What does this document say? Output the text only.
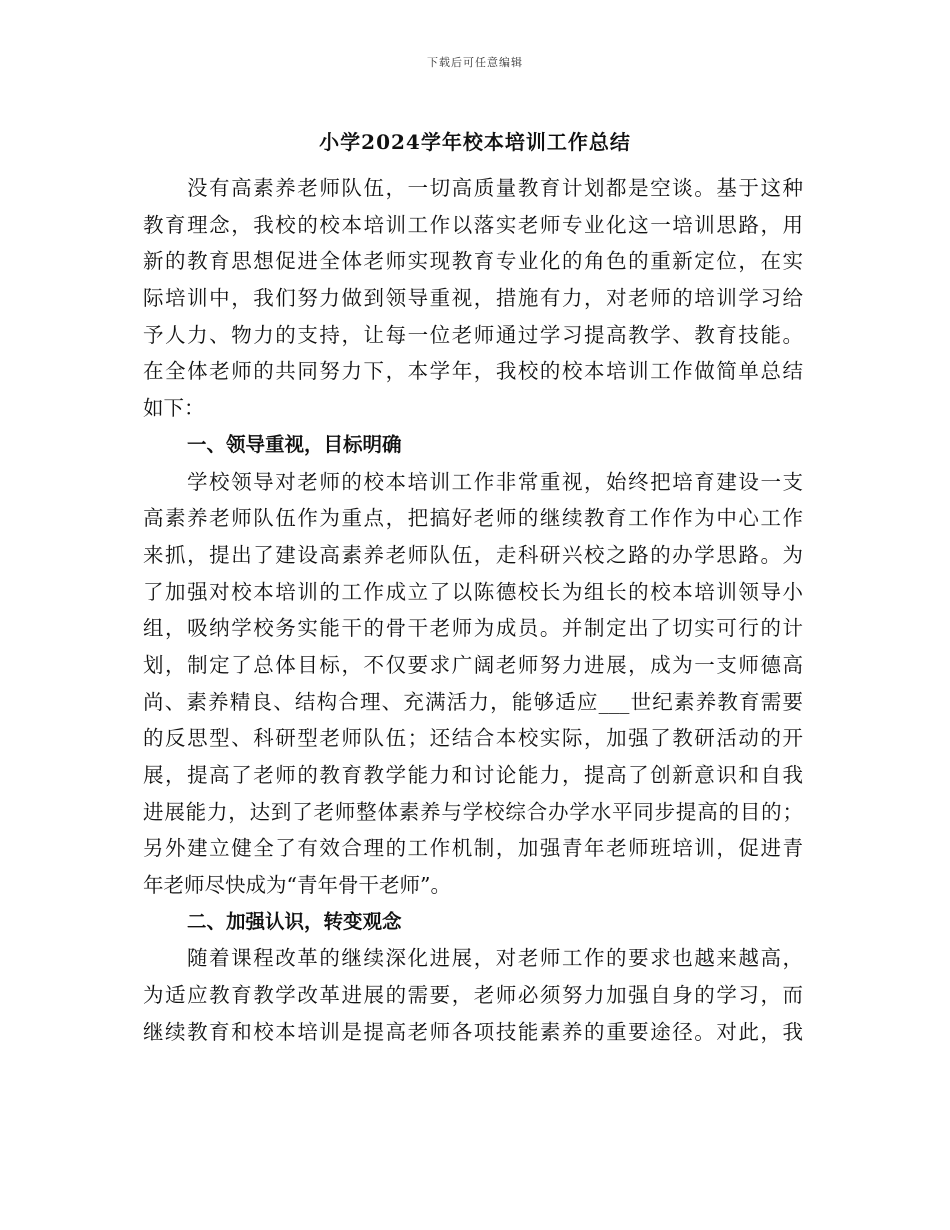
下载后可任意编辑
小学2024学年校本培训工作总结
没有高素养老师队伍，一切高质量教育计划都是空谈。基于这种
教育理念，我校的校本培训工作以落实老师专业化这一培训思路，用
新的教育思想促进全体老师实现教育专业化的角色的重新定位，在实
际培训中，我们努力做到领导重视，措施有力，对老师的培训学习给
予人力、物力的支持，让每一位老师通过学习提高教学、教育技能。
在全体老师的共同努力下，本学年，我校的校本培训工作做简单总结
如下：
一、领导重视，目标明确
学校领导对老师的校本培训工作非常重视，始终把培育建设一支
高素养老师队伍作为重点，把搞好老师的继续教育工作作为中心工作
来抓，提出了建设高素养老师队伍，走科研兴校之路的办学思路。为
了加强对校本培训的工作成立了以陈德校长为组长的校本培训领导小
组，吸纳学校务实能干的骨干老师为成员。并制定出了切实可行的计
划，制定了总体目标，不仅要求广阔老师努力进展，成为一支师德高
尚、素养精良、结构合理、充满活力，能够适应___世纪素养教育需要
的反思型、科研型老师队伍；还结合本校实际，加强了教研活动的开
展，提高了老师的教育教学能力和讨论能力，提高了创新意识和自我
进展能力，达到了老师整体素养与学校综合办学水平同步提高的目的；
另外建立健全了有效合理的工作机制，加强青年老师班培训，促进青
年老师尽快成为“青年骨干老师”。
二、加强认识，转变观念
随着课程改革的继续深化进展，对老师工作的要求也越来越高，
为适应教育教学改革进展的需要，老师必须努力加强自身的学习，而
继续教育和校本培训是提高老师各项技能素养的重要途径。对此，我
